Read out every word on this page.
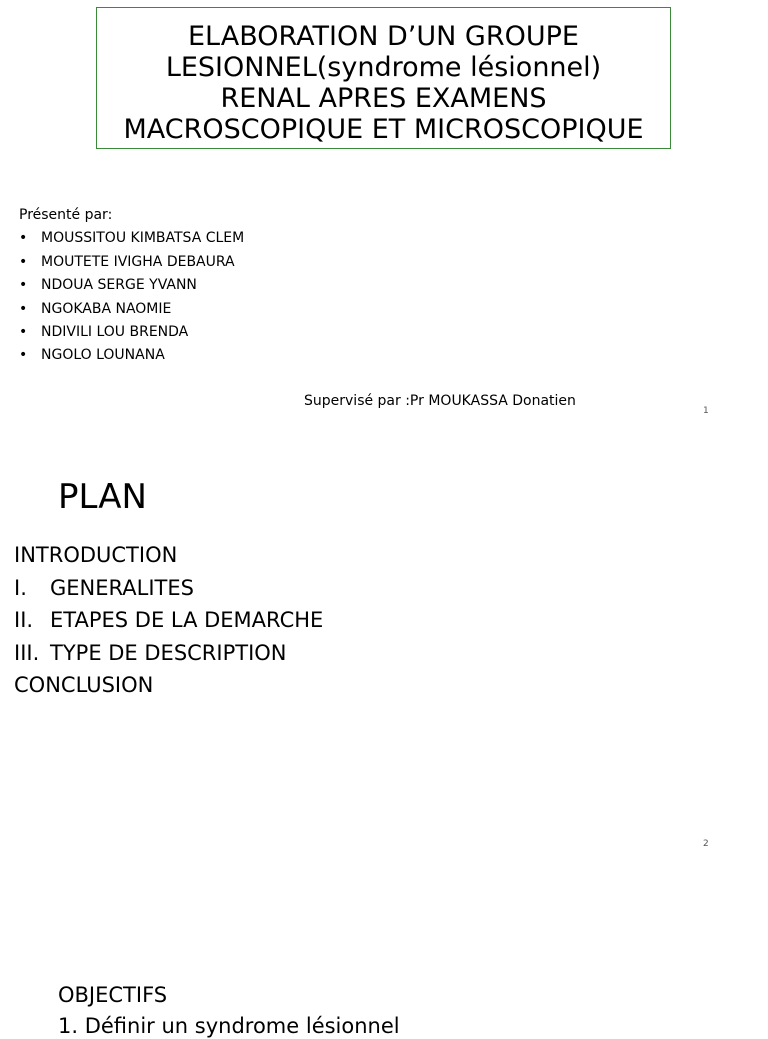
ELABORATION D’UN GROUPE
LESIONNEL(syndrome lésionnel)
RENAL APRES EXAMENS
MACROSCOPIQUE ET MICROSCOPIQUE
Présenté par:
• MOUSSITOU KIMBATSA CLEM
• MOUTETE IVIGHA DEBAURA
• NDOUA SERGE YVANN
• NGOKABA NAOMIE
• NDIVILI LOU BRENDA
• NGOLO LOUNANA
Supervisé par :Pr MOUKASSA Donatien
1
PLAN
INTRODUCTION
I. GENERALITES
II. ETAPES DE LA DEMARCHE
III. TYPE DE DESCRIPTION
CONCLUSION
2
OBJECTIFS
1. Définir un syndrome lésionnel
